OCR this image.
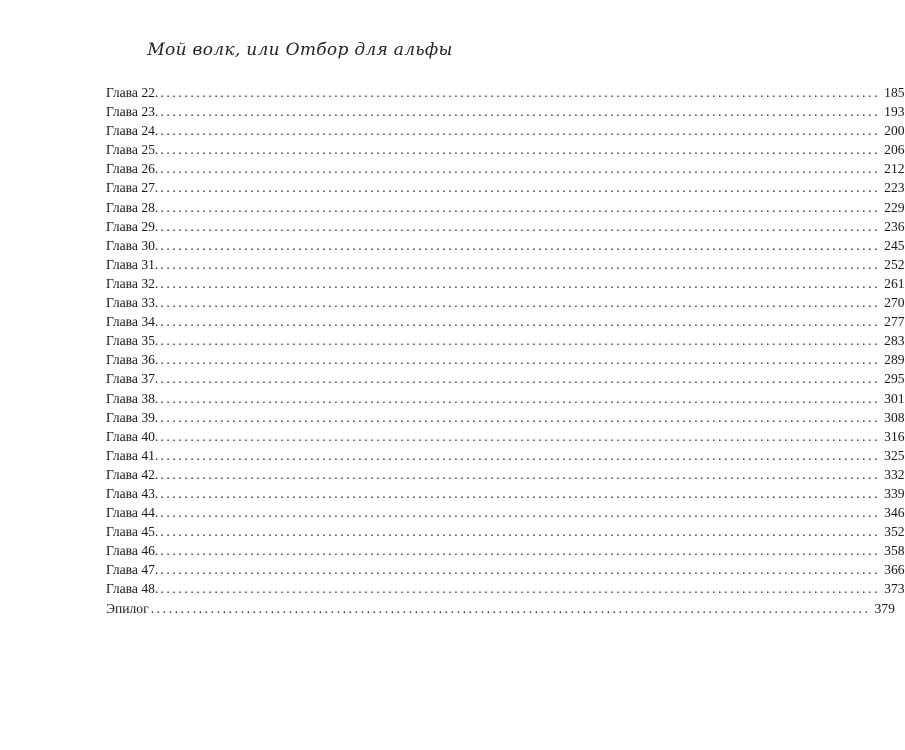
Мой волк, или Отбор для альфы
Глава 22. ........................................................................................................................ 185
Глава 23. ........................................................................................................................ 193
Глава 24. ........................................................................................................................ 200
Глава 25. ........................................................................................................................ 206
Глава 26. ........................................................................................................................ 212
Глава 27. ........................................................................................................................ 223
Глава 28. ........................................................................................................................ 229
Глава 29. ........................................................................................................................ 236
Глава 30. ........................................................................................................................ 245
Глава 31. ........................................................................................................................ 252
Глава 32. ........................................................................................................................ 261
Глава 33. ........................................................................................................................ 270
Глава 34. ........................................................................................................................ 277
Глава 35. ........................................................................................................................ 283
Глава 36. ........................................................................................................................ 289
Глава 37. ........................................................................................................................ 295
Глава 38. ........................................................................................................................ 301
Глава 39. ........................................................................................................................ 308
Глава 40. ........................................................................................................................ 316
Глава 41. ........................................................................................................................ 325
Глава 42. ........................................................................................................................ 332
Глава 43. ........................................................................................................................ 339
Глава 44. ........................................................................................................................ 346
Глава 45. ........................................................................................................................ 352
Глава 46. ........................................................................................................................ 358
Глава 47. ........................................................................................................................ 366
Глава 48. ........................................................................................................................ 373
Эпилог ........................................................................................................................ 379
